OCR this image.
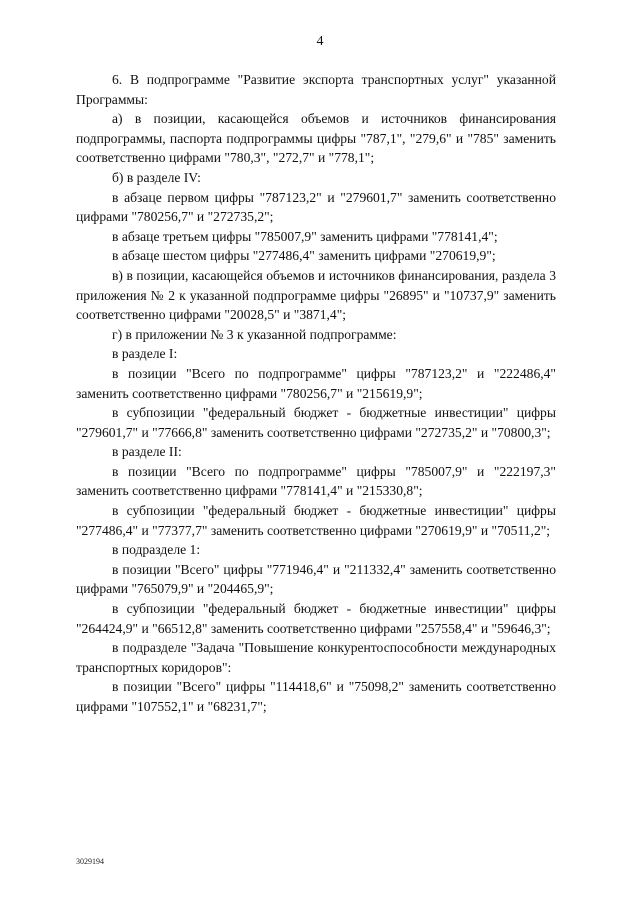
4

6. В подпрограмме "Развитие экспорта транспортных услуг" указанной Программы:

а) в позиции, касающейся объемов и источников финансирования подпрограммы, паспорта подпрограммы цифры "787,1", "279,6" и "785" заменить соответственно цифрами "780,3", "272,7" и "778,1";

б) в разделе IV:

в абзаце первом цифры "787123,2" и "279601,7" заменить соответственно цифрами "780256,7" и "272735,2";

в абзаце третьем цифры "785007,9" заменить цифрами "778141,4";

в абзаце шестом цифры "277486,4" заменить цифрами "270619,9";

в) в позиции, касающейся объемов и источников финансирования, раздела 3 приложения № 2 к указанной подпрограмме цифры "26895" и "10737,9" заменить соответственно цифрами "20028,5" и "3871,4";

г) в приложении № 3 к указанной подпрограмме:

в разделе I:

в позиции "Всего по подпрограмме" цифры "787123,2" и "222486,4" заменить соответственно цифрами "780256,7" и "215619,9";

в субпозиции "федеральный бюджет - бюджетные инвестиции" цифры "279601,7" и "77666,8" заменить соответственно цифрами "272735,2" и "70800,3";

в разделе II:

в позиции "Всего по подпрограмме" цифры "785007,9" и "222197,3" заменить соответственно цифрами "778141,4" и "215330,8";

в субпозиции "федеральный бюджет - бюджетные инвестиции" цифры "277486,4" и "77377,7" заменить соответственно цифрами "270619,9" и "70511,2";

в подразделе 1:

в позиции "Всего" цифры "771946,4" и "211332,4" заменить соответственно цифрами "765079,9" и "204465,9";

в субпозиции "федеральный бюджет - бюджетные инвестиции" цифры "264424,9" и "66512,8" заменить соответственно цифрами "257558,4" и "59646,3";

в подразделе "Задача "Повышение конкурентоспособности международных транспортных коридоров":

в позиции "Всего" цифры "114418,6" и "75098,2" заменить соответственно цифрами "107552,1" и "68231,7";

3029194
